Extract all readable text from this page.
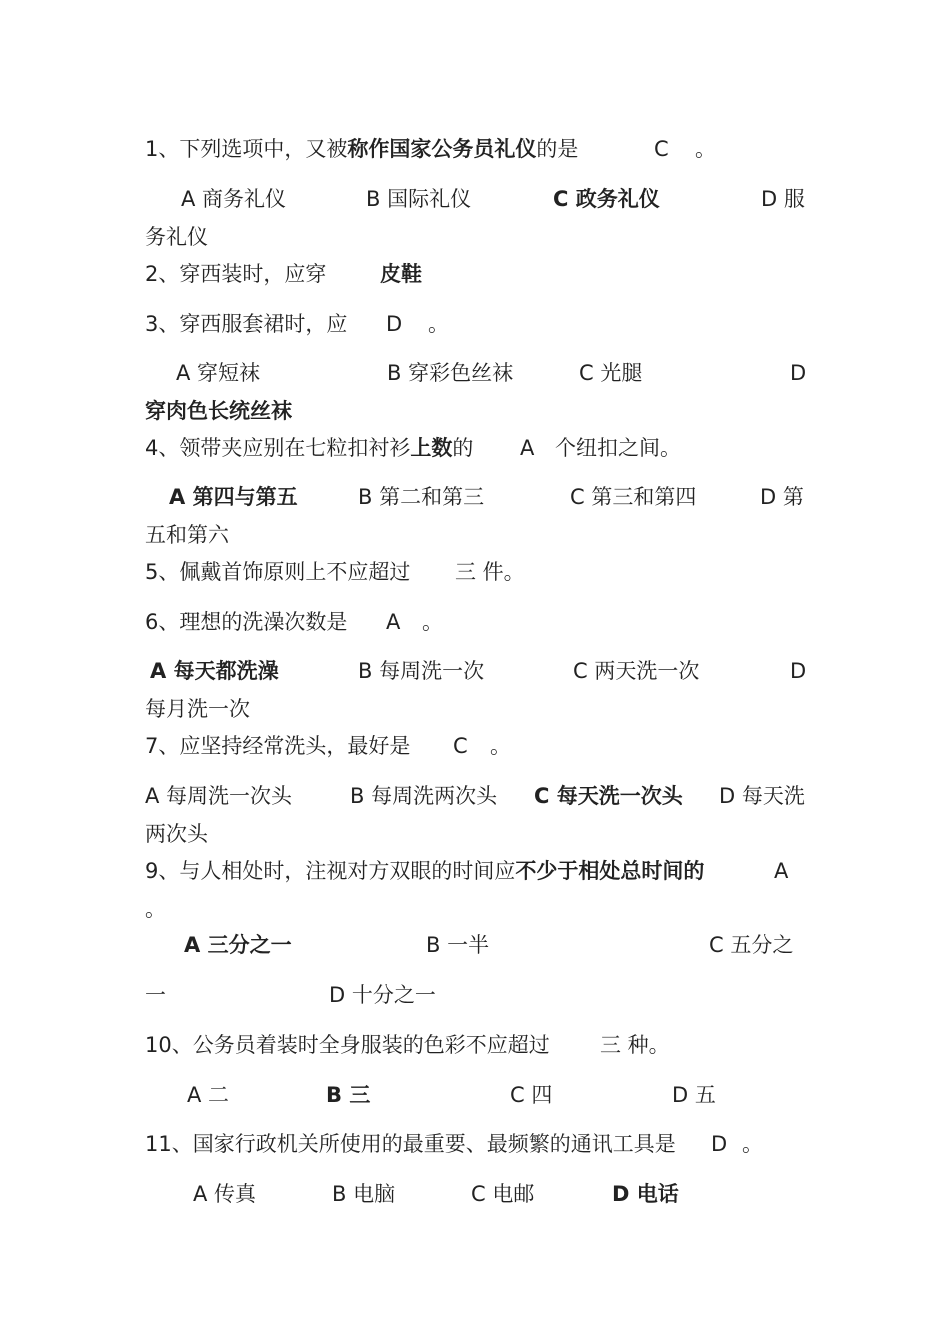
1、下列选项中，又被称作国家公务员礼仪的是	C 。
A 商务礼仪	B 国际礼仪	C 政务礼仪	D 服
务礼仪
2、穿西装时，应穿	皮鞋
3、穿西服套裙时，应 D 。
A 穿短袜	B 穿彩色丝袜	C 光腿	D
穿肉色长统丝袜
4、领带夹应别在七粒扣衬衫上数的 A 个纽扣之间。
A 第四与第五	B 第二和第三	C 第三和第四	D 第
五和第六
5、佩戴首饰原则上不应超过 三 件。
6、理想的洗澡次数是 A 。
A 每天都洗澡	B 每周洗一次	C 两天洗一次	D
每月洗一次
7、应坚持经常洗头，最好是 C 。
A 每周洗一次头	B 每周洗两次头 C 每天洗一次头 D 每天洗
两次头
9、与人相处时，注视对方双眼的时间应不少于相处总时间的	A
。
A 三分之一	B 一半	C 五分之
一	D 十分之一
10、公务员着装时全身服装的色彩不应超过 三 种。
A 二	B 三	C 四	D 五
11、国家行政机关所使用的最重要、最频繁的通讯工具是 D 。
A 传真	B 电脑	C 电邮	D 电话
